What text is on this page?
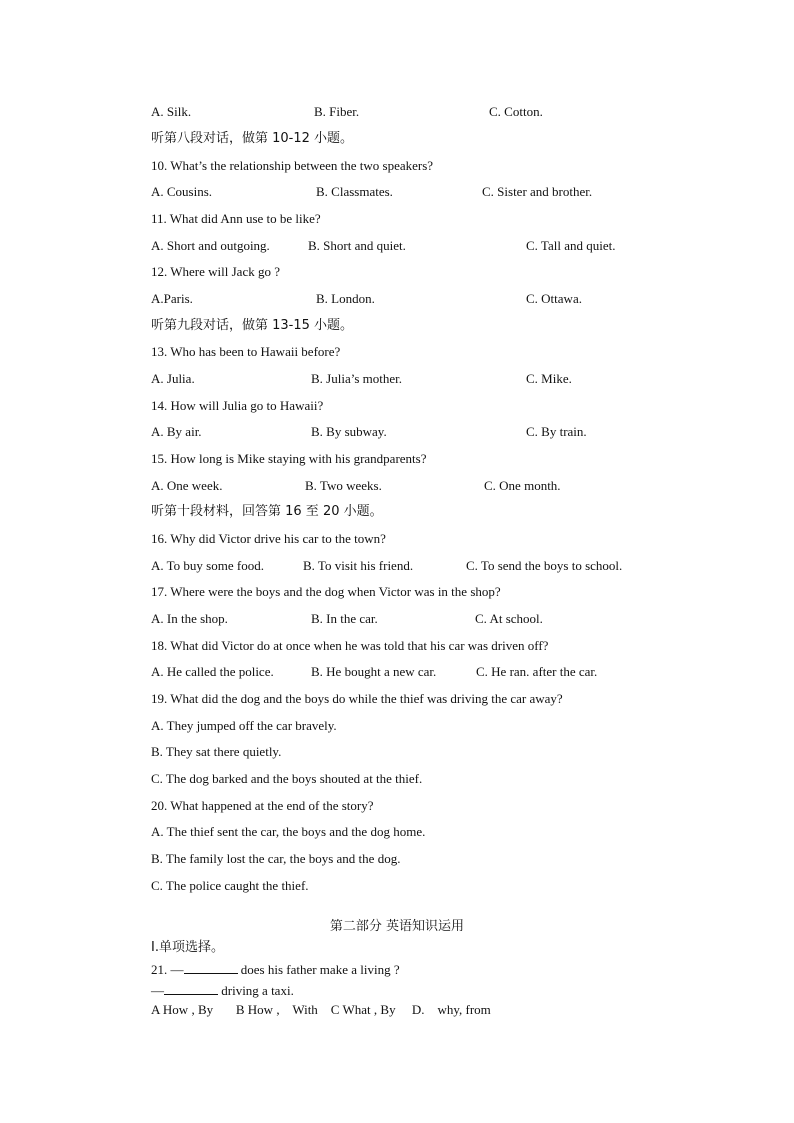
A. Silk.	B. Fiber.	C. Cotton.
听第八段对话，做第 10-12 小题。
10. What’s the relationship between the two speakers?
A. Cousins.	B. Classmates.	C. Sister and brother.
11. What did Ann use to be like?
A. Short and outgoing.	B. Short and quiet.	C. Tall and quiet.
12. Where will Jack go ?
A.Paris.	B. London.	C. Ottawa.
听第九段对话，做第 13-15 小题。
13. Who has been to Hawaii before?
A. Julia.	B. Julia’s mother.	C. Mike.
14. How will Julia go to Hawaii?
A. By air.	B. By subway.	C. By train.
15. How long is Mike staying with his grandparents?
A. One week.	B. Two weeks.	C. One month.
听第十段材料，回答第 16 至 20 小题。
16. Why did Victor drive his car to the town?
A. To buy some food.	B. To visit his friend.	C. To send the boys to school.
17. Where were the boys and the dog when Victor was in the shop?
A. In the shop.	B. In the car.	C. At school.
18. What did Victor do at once when he was told that his car was driven off?
A. He called the police.	B. He bought a new car.	C. He ran. after the car.
19. What did the dog and the boys do while the thief was driving the car away?
A. They jumped off the car bravely.
B. They sat there quietly.
C. The dog barked and the boys shouted at the thief.
20. What happened at the end of the story?
A. The thief sent the car, the boys and the dog home.
B. The family lost the car, the boys and the dog.
C. The police caught the thief.
第二部分 英语知识运用
I.单项选择。
21. —	does his father make a living ?
—	driving a taxi.
A How , By       B How ,    With    C What , By     D.    why, from
